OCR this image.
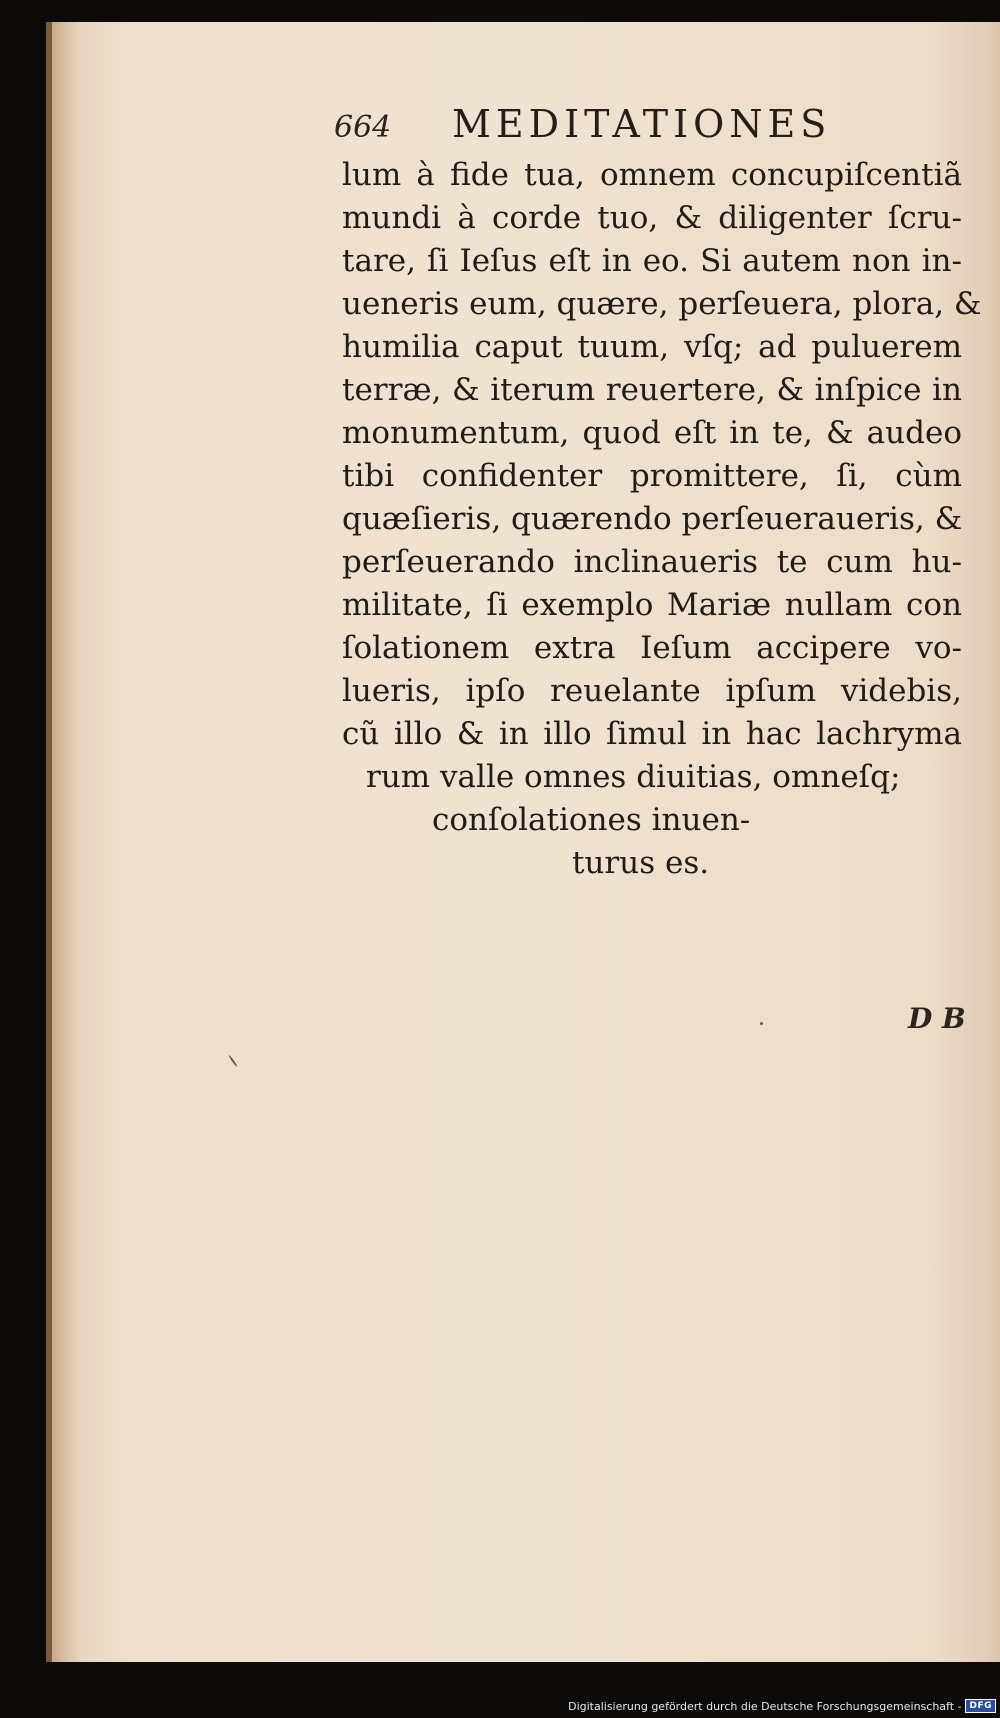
664 MEDITATIONES
lum à fide tua, omnem concupiſcentiã
mundi à corde tuo, & diligenter ſcru-
tare, ſi Ieſus eſt in eo. Si autem non in-
ueneris eum, quære, perſeuera, plora, &
humilia caput tuum, vſq; ad puluerem
terræ, & iterum reuertere, & inſpice in
monumentum, quod eſt in te, & audeo
tibi confidenter promittere, ſi, cùm
quæſieris, quærendo perſeueraueris, &
perſeuerando inclinaueris te cum hu-
militate, ſi exemplo Mariæ nullam con
ſolationem extra Ieſum accipere vo-
lueris, ipſo reuelante ipſum videbis,
cũ illo & in illo ſimul in hac lachryma
rum valle omnes diuitias, omneſq;
conſolationes inuen-
turus es.
D B
Digitalisierung gefördert durch die Deutsche Forschungsgemeinschaft - DFG
